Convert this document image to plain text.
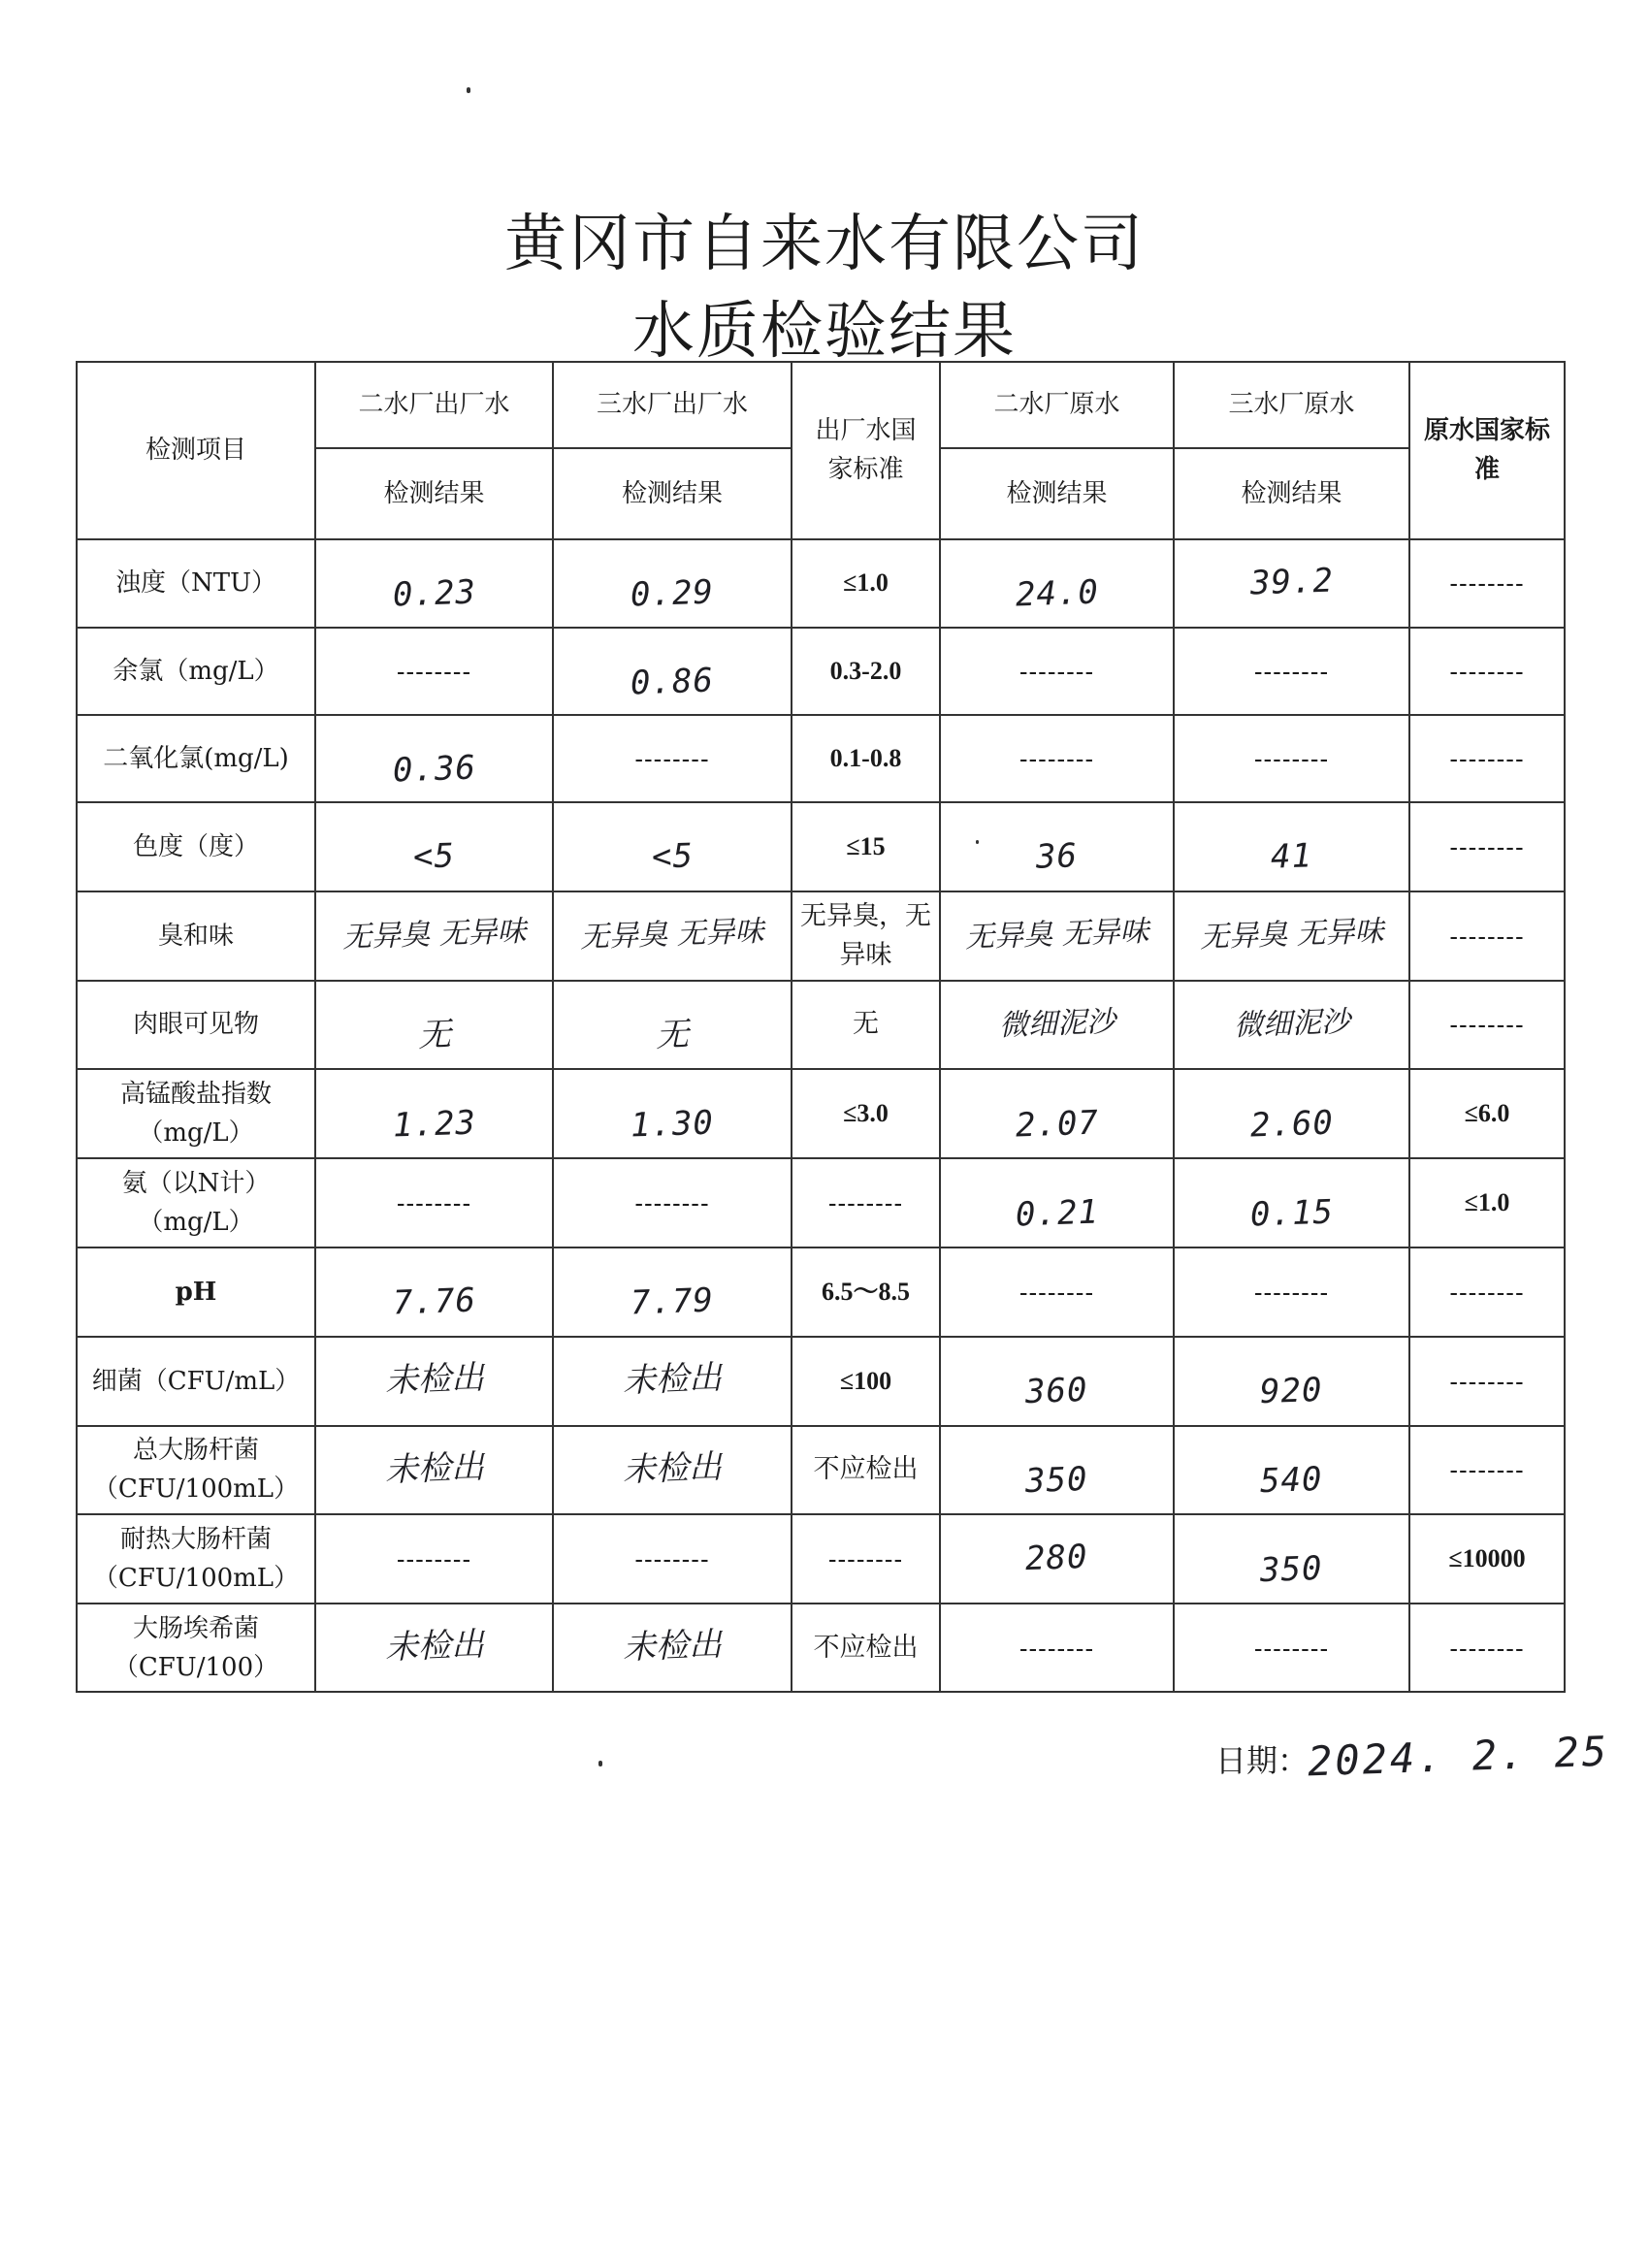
黄冈市自来水有限公司
水质检验结果
检测项目	二水厂出厂水	三水厂出厂水	出厂水国家标准	二水厂原水	三水厂原水	原水国家标准
	检测结果	检测结果		检测结果	检测结果	
浊度（NTU）	0.23	0.29	≤1.0	24.0	39.2	--------
余氯（mg/L）	--------	0.86	0.3-2.0	--------	--------	--------
二氧化氯(mg/L)	0.36	--------	0.1-0.8	--------	--------	--------
色度（度）	<5	<5	≤15	36	41	--------
臭和味	无异臭 无异味	无异臭 无异味	无异臭，无异味	无异臭 无异味	无异臭 无异味	--------
肉眼可见物	无	无	无	微细泥沙	微细泥沙	--------
高锰酸盐指数（mg/L）	1.23	1.30	≤3.0	2.07	2.60	≤6.0
氨（以N计）（mg/L）	--------	--------	--------	0.21	0.15	≤1.0
pH	7.76	7.79	6.5～8.5	--------	--------	--------
细菌（CFU/mL）	未检出	未检出	≤100	360	920	--------
总大肠杆菌（CFU/100mL）	未检出	未检出	不应检出	350	540	--------
耐热大肠杆菌（CFU/100mL）	--------	--------	--------	280	350	≤10000
大肠埃希菌（CFU/100）	未检出	未检出	不应检出	--------	--------	--------
日期：
2024. 2. 25
